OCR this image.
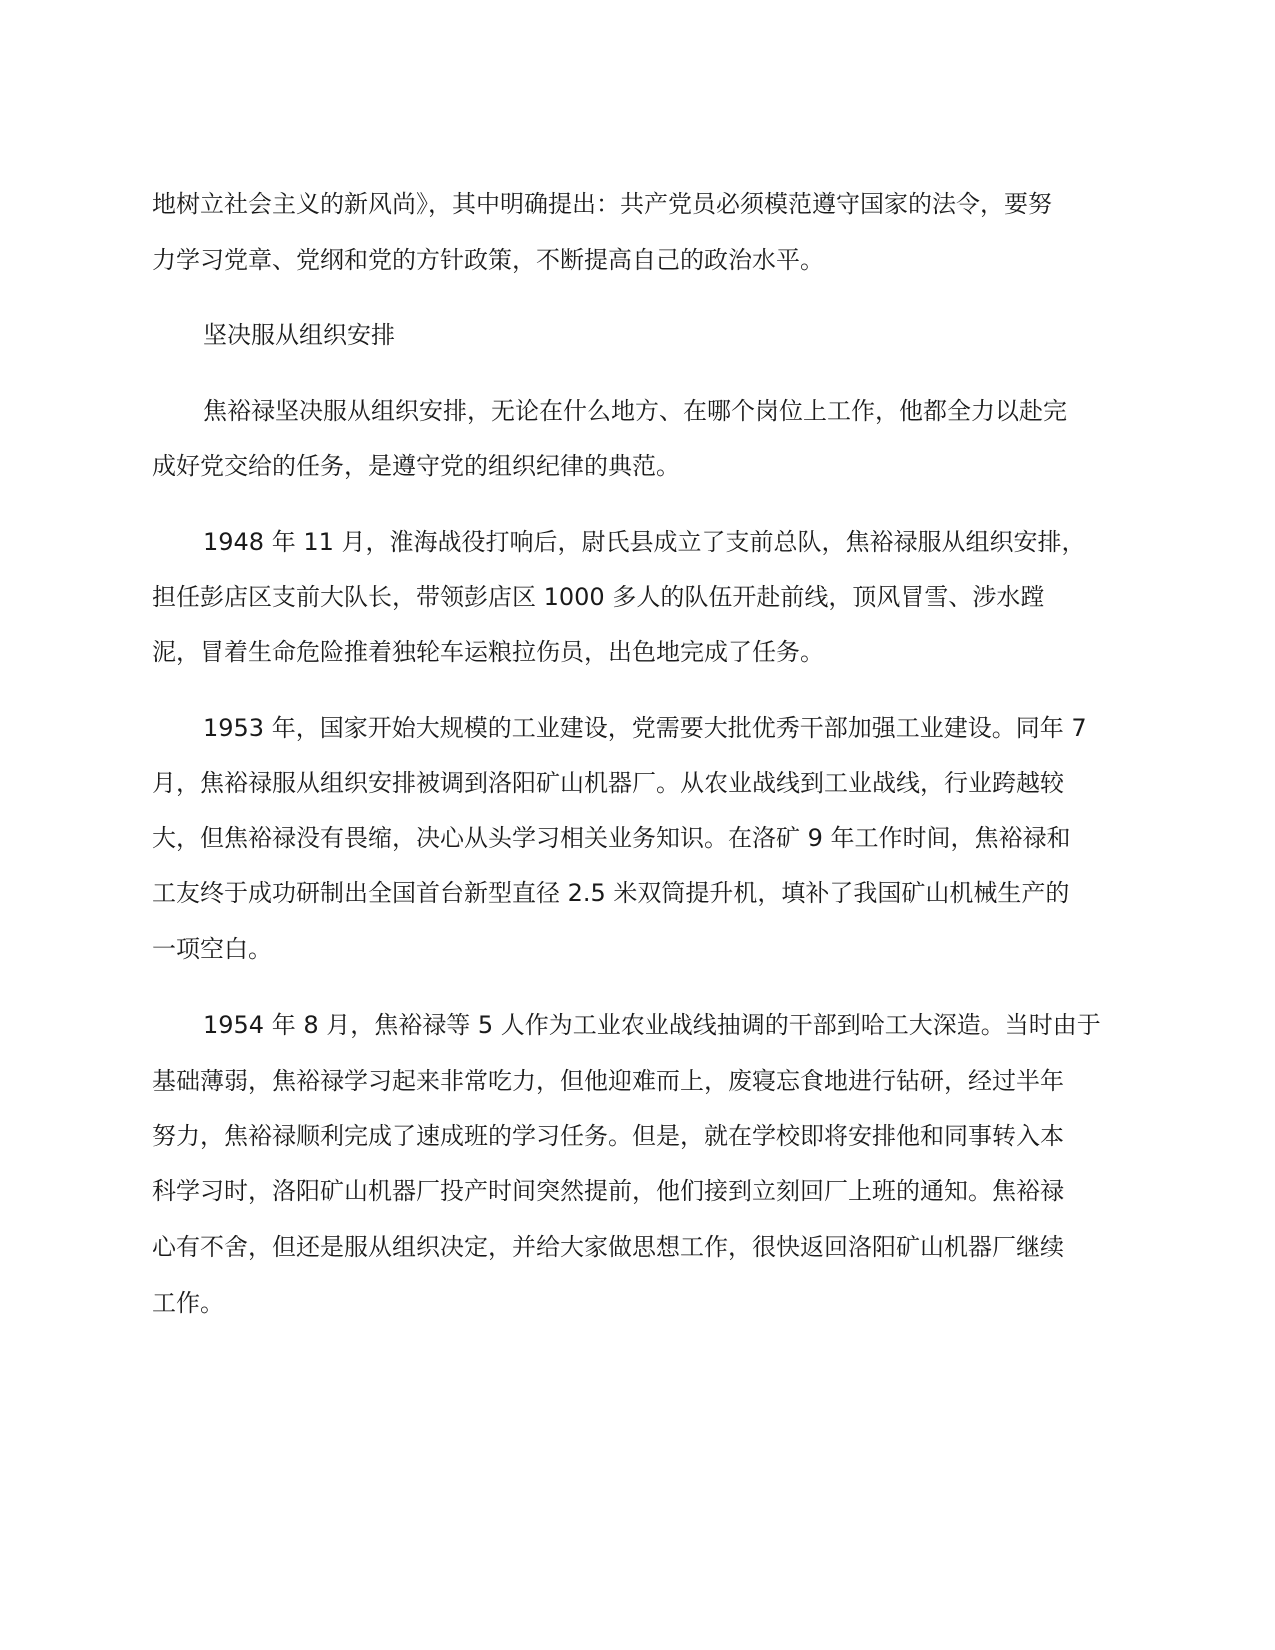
地树立社会主义的新风尚》，其中明确提出：共产党员必须模范遵守国家的法令，要努

力学习党章、党纲和党的方针政策，不断提高自己的政治水平。

坚决服从组织安排

焦裕禄坚决服从组织安排，无论在什么地方、在哪个岗位上工作，他都全力以赴完

成好党交给的任务，是遵守党的组织纪律的典范。

1948 年 11 月，淮海战役打响后，尉氏县成立了支前总队，焦裕禄服从组织安排，

担任彭店区支前大队长，带领彭店区 1000 多人的队伍开赴前线，顶风冒雪、涉水蹚

泥，冒着生命危险推着独轮车运粮拉伤员，出色地完成了任务。

1953 年，国家开始大规模的工业建设，党需要大批优秀干部加强工业建设。同年 7

月，焦裕禄服从组织安排被调到洛阳矿山机器厂。从农业战线到工业战线，行业跨越较

大，但焦裕禄没有畏缩，决心从头学习相关业务知识。在洛矿 9 年工作时间，焦裕禄和

工友终于成功研制出全国首台新型直径 2.5 米双筒提升机，填补了我国矿山机械生产的

一项空白。

1954 年 8 月，焦裕禄等 5 人作为工业农业战线抽调的干部到哈工大深造。当时由于

基础薄弱，焦裕禄学习起来非常吃力，但他迎难而上，废寝忘食地进行钻研，经过半年

努力，焦裕禄顺利完成了速成班的学习任务。但是，就在学校即将安排他和同事转入本

科学习时，洛阳矿山机器厂投产时间突然提前，他们接到立刻回厂上班的通知。焦裕禄

心有不舍，但还是服从组织决定，并给大家做思想工作，很快返回洛阳矿山机器厂继续

工作。
